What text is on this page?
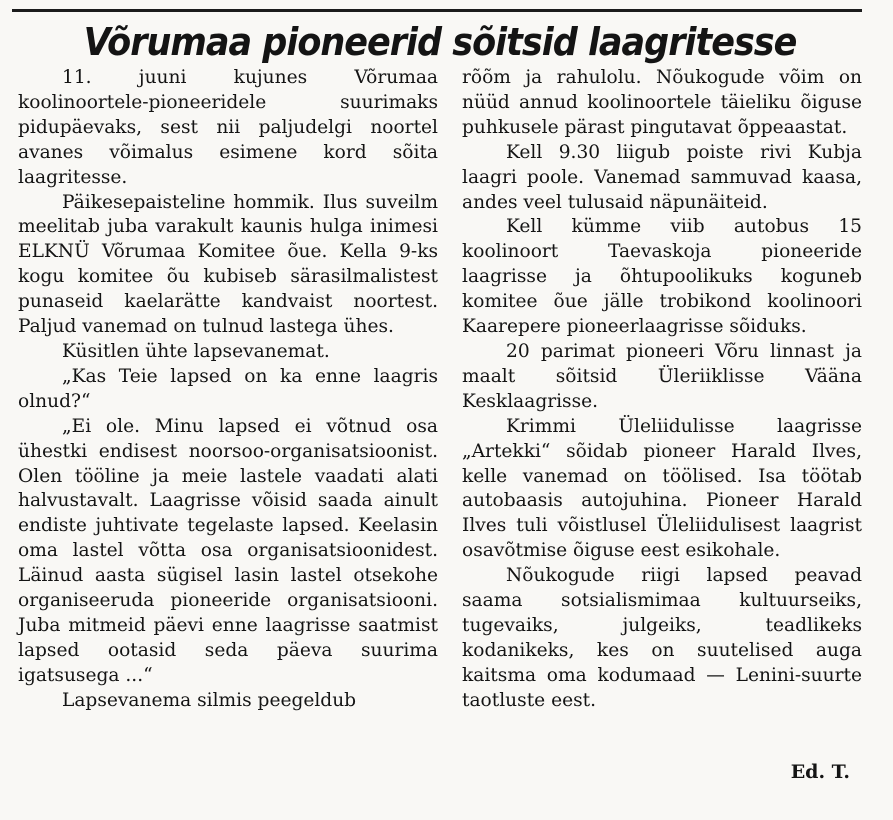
Võrumaa pioneerid sõitsid laagritesse

11. juuni kujunes Võrumaa koolinoortele-pioneeridele suurimaks pidupäevaks, sest nii paljudelgi noortel avanes võimalus esimene kord sõita laagritesse.

Päikesepaisteline hommik. Ilus suveilm meelitab juba varakult kaunis hulga inimesi ELKNÜ Võrumaa Komitee õue. Kella 9-ks kogu komitee õu kubiseb särasilmalistest punaseid kaelarätte kandvaist noortest. Paljud vanemad on tulnud lastega ühes.

Küsitlen ühte lapsevanemat.

„Kas Teie lapsed on ka enne laagris olnud?“

„Ei ole. Minu lapsed ei võtnud osa ühestki endisest noorsoo-organisatsioonist. Olen tööline ja meie lastele vaadati alati halvustavalt. Laagrisse võisid saada ainult endiste juhtivate tegelaste lapsed. Keelasin oma lastel võtta osa organisatsioonidest. Läinud aasta sügisel lasin lastel otsekohe organiseeruda pioneeride organisatsiooni. Juba mitmeid päevi enne laagrisse saatmist lapsed ootasid seda päeva suurima igatsusega ...“

Lapsevanema silmis peegeldub

rõõm ja rahulolu. Nõukogude võim on nüüd annud koolinoortele täieliku õiguse puhkusele pärast pingutavat õppeaastat.

Kell 9.30 liigub poiste rivi Kubja laagri poole. Vanemad sammuvad kaasa, andes veel tulusaid näpunäiteid.

Kell kümme viib autobus 15 koolinoort Taevaskoja pioneeride laagrisse ja õhtupoolikuks koguneb komitee õue jälle trobikond koolinoori Kaarepere pioneerlaagrisse sõiduks.

20 parimat pioneeri Võru linnast ja maalt sõitsid Üleriiklisse Väänа Kesklaagrisse.

Krimmi Üleliidulisse laagrisse „Artekki“ sõidab pioneer Harald Ilves, kelle vanemad on töölised. Isa töötab autobaasis autojuhina. Pioneer Harald Ilves tuli võistlusel Üleliidulisest laagrist osavõtmise õiguse eest esikohale.

Nõukogude riigi lapsed peavad saama sotsialismimaa kultuurseiks, tugevaiks, julgeiks, teadlikeks kodanikeks, kes on suutelised auga kaitsma oma kodumaad — Lenini-suurte taotluste eest.

Ed. T.
